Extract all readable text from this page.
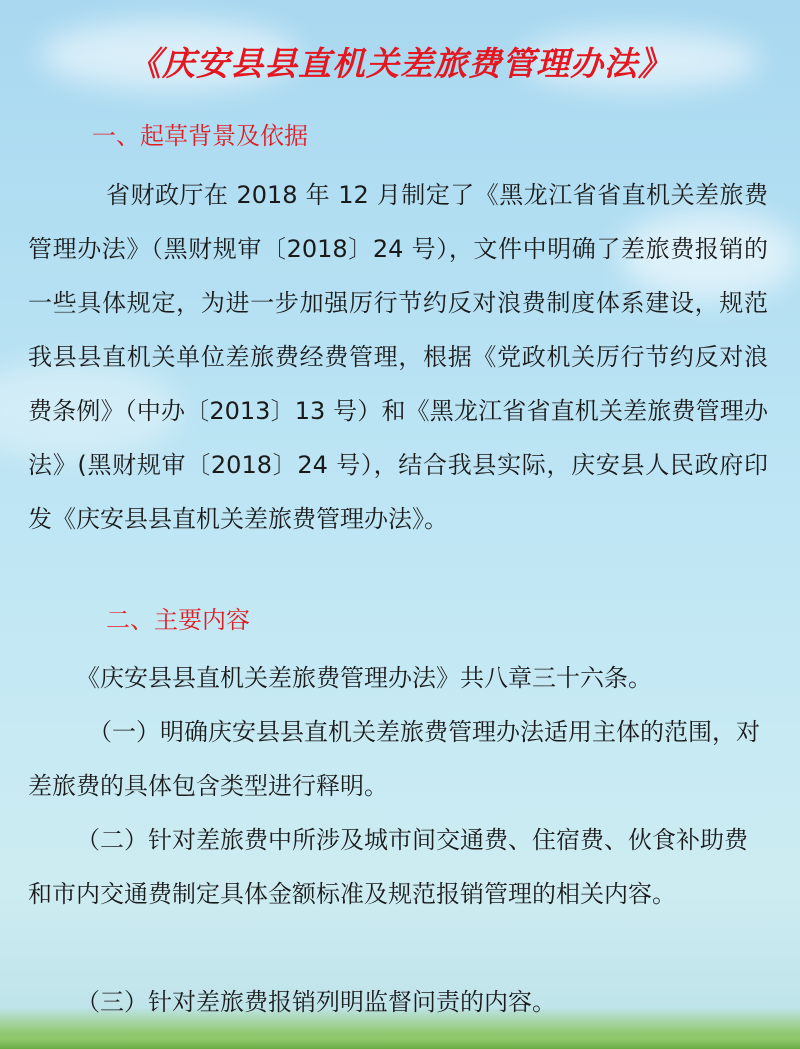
《庆安县县直机关差旅费管理办法》
一、起草背景及依据

省财政厅在 2018 年 12 月制定了《黑龙江省省直机关差旅费管理办法》（黑财规审〔2018〕24 号），文件中明确了差旅费报销的一些具体规定，为进一步加强厉行节约反对浪费制度体系建设，规范我县县直机关单位差旅费经费管理，根据《党政机关厉行节约反对浪费条例》（中办〔2013〕13 号）和《黑龙江省省直机关差旅费管理办法》(黑财规审〔2018〕24 号），结合我县实际，庆安县人民政府印发《庆安县县直机关差旅费管理办法》。

二、主要内容

《庆安县县直机关差旅费管理办法》共八章三十六条。

（一）明确庆安县县直机关差旅费管理办法适用主体的范围，对差旅费的具体包含类型进行释明。

（二）针对差旅费中所涉及城市间交通费、住宿费、伙食补助费和市内交通费制定具体金额标准及规范报销管理的相关内容。

（三）针对差旅费报销列明监督问责的内容。
